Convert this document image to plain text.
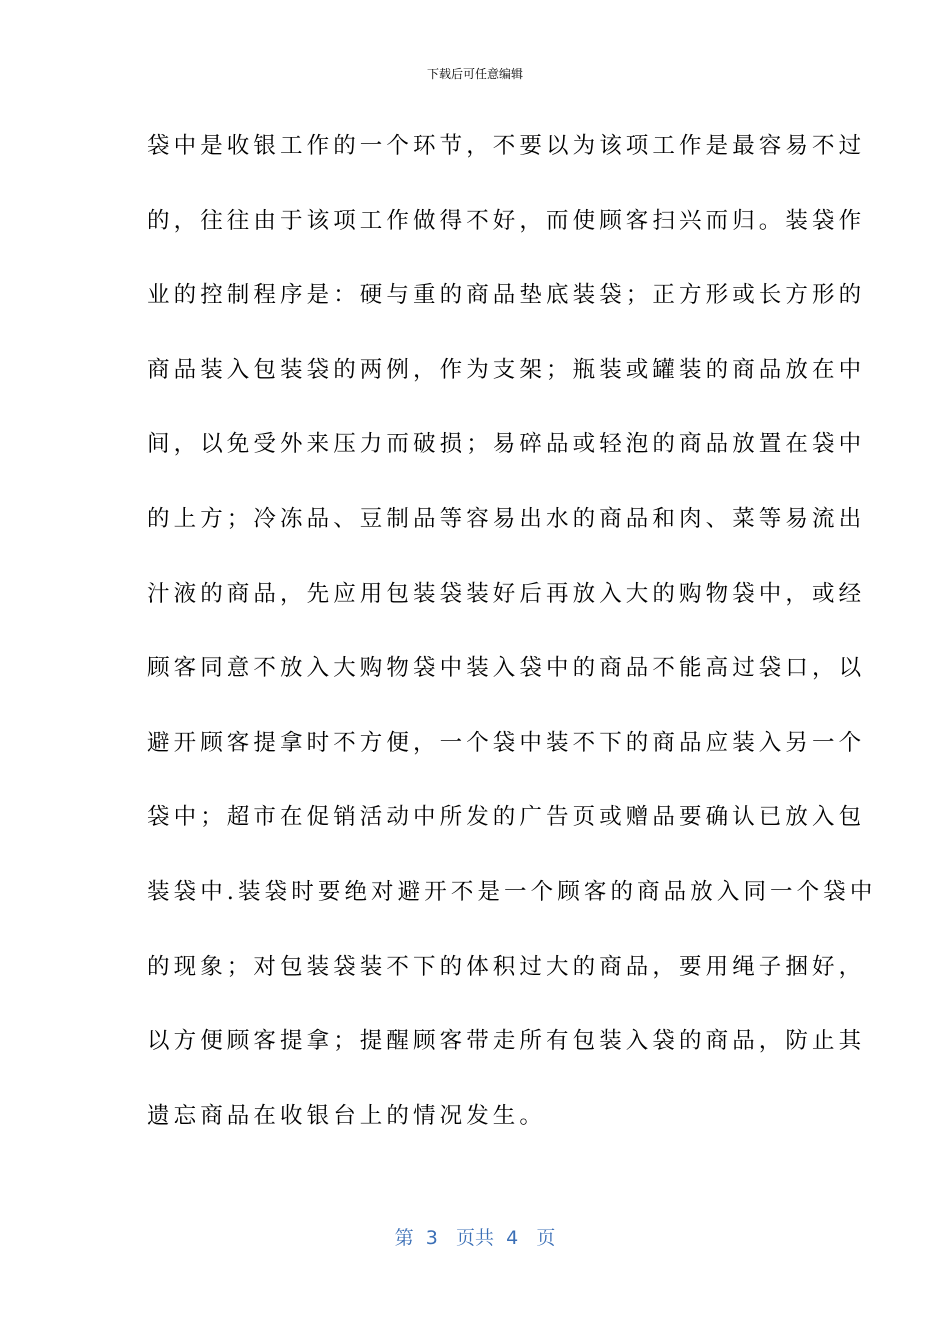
下载后可任意编辑
袋中是收银工作的一个环节，不要以为该项工作是最容易不过
的，往往由于该项工作做得不好，而使顾客扫兴而归。装袋作
业的控制程序是：硬与重的商品垫底装袋；正方形或长方形的
商品装入包装袋的两例，作为支架；瓶装或罐装的商品放在中
间，以免受外来压力而破损；易碎品或轻泡的商品放置在袋中
的上方；冷冻品、豆制品等容易出水的商品和肉、菜等易流出
汁液的商品，先应用包装袋装好后再放入大的购物袋中，或经
顾客同意不放入大购物袋中装入袋中的商品不能高过袋口，以
避开顾客提拿时不方便，一个袋中装不下的商品应装入另一个
袋中；超市在促销活动中所发的广告页或赠品要确认已放入包
装袋中.装袋时要绝对避开不是一个顾客的商品放入同一个袋中
的现象；对包装袋装不下的体积过大的商品，要用绳子捆好，
以方便顾客提拿；提醒顾客带走所有包装入袋的商品，防止其
遗忘商品在收银台上的情况发生。
第 3 页共 4 页
